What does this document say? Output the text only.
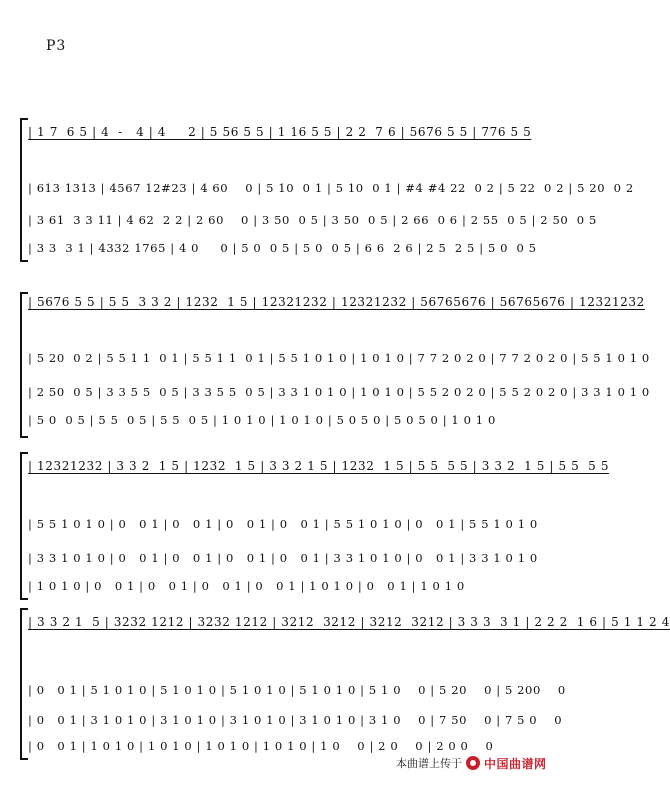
P3
| 1 7  6 5 | 4  -   4 | 4     2 | 5 56 5 5 | 1 16 5 5 | 2 2  7 6 | 5676 5 5 | 776 5 5
| 613 1313 | 4567 12#23 | 4 60    0 | 5 10  0 1 | 5 10  0 1 | #4 #4 22  0 2 | 5 22  0 2 | 5 20  0 2
| 3 61  3 3 11 | 4 62  2 2 | 2 60    0 | 3 50  0 5 | 3 50  0 5 | 2 66  0 6 | 2 55  0 5 | 2 50  0 5
| 3 3  3 1 | 4332 1765 | 4 0     0 | 5 0  0 5 | 5 0  0 5 | 6 6  2 6 | 2 5  2 5 | 5 0  0 5
| 5676 5 5 | 5 5  3 3 2 | 1232  1 5 | 12321232 | 12321232 | 56765676 | 56765676 | 12321232
| 5 20  0 2 | 5 5 1 1  0 1 | 5 5 1 1  0 1 | 5 5 1 0 1 0 | 1 0 1 0 | 7 7 2 0 2 0 | 7 7 2 0 2 0 | 5 5 1 0 1 0
| 2 50  0 5 | 3 3 5 5  0 5 | 3 3 5 5  0 5 | 3 3 1 0 1 0 | 1 0 1 0 | 5 5 2 0 2 0 | 5 5 2 0 2 0 | 3 3 1 0 1 0
| 5 0  0 5 | 5 5  0 5 | 5 5  0 5 | 1 0 1 0 | 1 0 1 0 | 5 0 5 0 | 5 0 5 0 | 1 0 1 0
| 12321232 | 3 3 2  1 5 | 1232  1 5 | 3 3 2 1 5 | 1232  1 5 | 5 5  5 5 | 3 3 2  1 5 | 5 5  5 5
| 5 5 1 0 1 0 | 0   0 1 | 0   0 1 | 0   0 1 | 0   0 1 | 5 5 1 0 1 0 | 0   0 1 | 5 5 1 0 1 0
| 3 3 1 0 1 0 | 0   0 1 | 0   0 1 | 0   0 1 | 0   0 1 | 3 3 1 0 1 0 | 0   0 1 | 3 3 1 0 1 0
| 1 0 1 0 | 0   0 1 | 0   0 1 | 0   0 1 | 0   0 1 | 1 0 1 0 | 0   0 1 | 1 0 1 0
| 3 3 2 1  5 | 3232 1212 | 3232 1212 | 3212  3212 | 3212  3212 | 3 3 3  3 1 | 2 2 2  1 6 | 5 1 1 2 4
| 0   0 1 | 5 1 0 1 0 | 5 1 0 1 0 | 5 1 0 1 0 | 5 1 0 1 0 | 5 1 0    0 | 5 20    0 | 5 200    0
| 0   0 1 | 3 1 0 1 0 | 3 1 0 1 0 | 3 1 0 1 0 | 3 1 0 1 0 | 3 1 0    0 | 7 50    0 | 7 5 0    0
| 0   0 1 | 1 0 1 0 | 1 0 1 0 | 1 0 1 0 | 1 0 1 0 | 1 0    0 | 2 0    0 | 2 0 0    0
本曲谱上传于 中国曲谱网
